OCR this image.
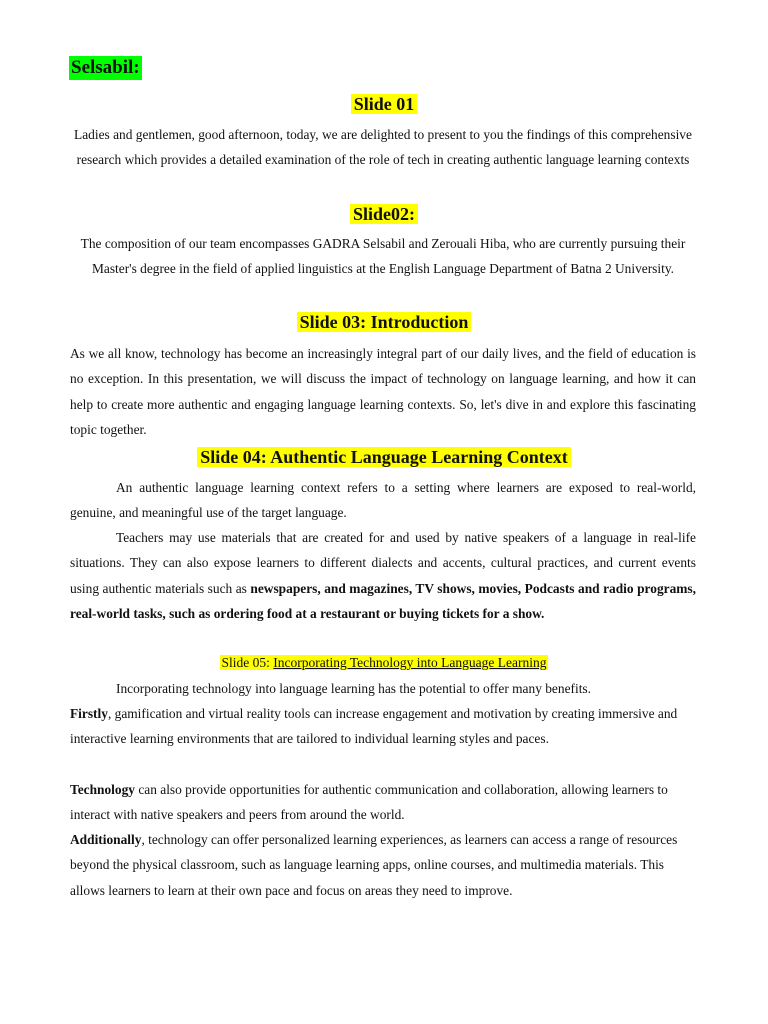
Selsabil:
Slide 01
Ladies and gentlemen, good afternoon, today, we are delighted to present to you the findings of this comprehensive research which provides a detailed examination of the role of tech in creating authentic language learning contexts
Slide02:
The composition of our team encompasses GADRA Selsabil and Zerouali Hiba, who are currently pursuing their Master's degree in the field of applied linguistics at the English Language Department of Batna 2 University.
Slide 03: Introduction
As we all know, technology has become an increasingly integral part of our daily lives, and the field of education is no exception. In this presentation, we will discuss the impact of technology on language learning, and how it can help to create more authentic and engaging language learning contexts. So, let's dive in and explore this fascinating topic together.
Slide 04: Authentic Language Learning Context
An authentic language learning context refers to a setting where learners are exposed to real-world, genuine, and meaningful use of the target language.
Teachers may use materials that are created for and used by native speakers of a language in real-life situations. They can also expose learners to different dialects and accents, cultural practices, and current events using authentic materials such as newspapers, and magazines, TV shows, movies, Podcasts and radio programs, real-world tasks, such as ordering food at a restaurant or buying tickets for a show.
Slide 05: Incorporating Technology into Language Learning
Incorporating technology into language learning has the potential to offer many benefits.
Firstly, gamification and virtual reality tools can increase engagement and motivation by creating immersive and interactive learning environments that are tailored to individual learning styles and paces.
Technology can also provide opportunities for authentic communication and collaboration, allowing learners to interact with native speakers and peers from around the world.
Additionally, technology can offer personalized learning experiences, as learners can access a range of resources beyond the physical classroom, such as language learning apps, online courses, and multimedia materials. This allows learners to learn at their own pace and focus on areas they need to improve.
